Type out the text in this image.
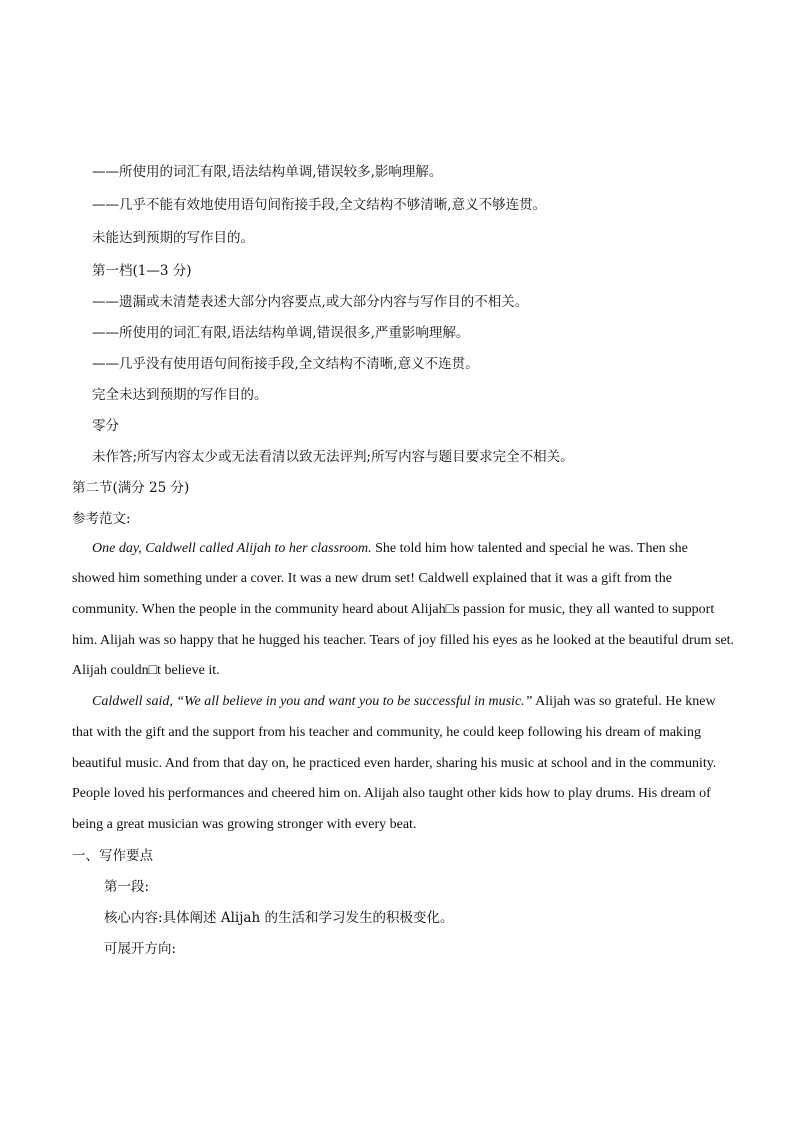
——所使用的词汇有限,语法结构单调,错误较多,影响理解。
——几乎不能有效地使用语句间衔接手段,全文结构不够清晰,意义不够连贯。
未能达到预期的写作目的。
第一档(1—3 分)
——遗漏或未清楚表述大部分内容要点,或大部分内容与写作目的不相关。
——所使用的词汇有限,语法结构单调,错误很多,严重影响理解。
——几乎没有使用语句间衔接手段,全文结构不清晰,意义不连贯。
完全未达到预期的写作目的。
零分
未作答;所写内容太少或无法看清以致无法评判;所写内容与题目要求完全不相关。
第二节(满分 25 分)
参考范文:
One day, Caldwell called Alijah to her classroom. She told him how talented and special he was. Then she
showed him something under a cover. It was a new drum set! Caldwell explained that it was a gift from the
community. When the people in the community heard about Alijah□s passion for music, they all wanted to support
him. Alijah was so happy that he hugged his teacher. Tears of joy filled his eyes as he looked at the beautiful drum set.
Alijah couldn□t believe it.
Caldwell said, “We all believe in you and want you to be successful in music.” Alijah was so grateful. He knew
that with the gift and the support from his teacher and community, he could keep following his dream of making
beautiful music. And from that day on, he practiced even harder, sharing his music at school and in the community.
People loved his performances and cheered him on. Alijah also taught other kids how to play drums. His dream of
being a great musician was growing stronger with every beat.
一、写作要点
第一段:
核心内容:具体阐述 Alijah 的生活和学习发生的积极变化。
可展开方向:
